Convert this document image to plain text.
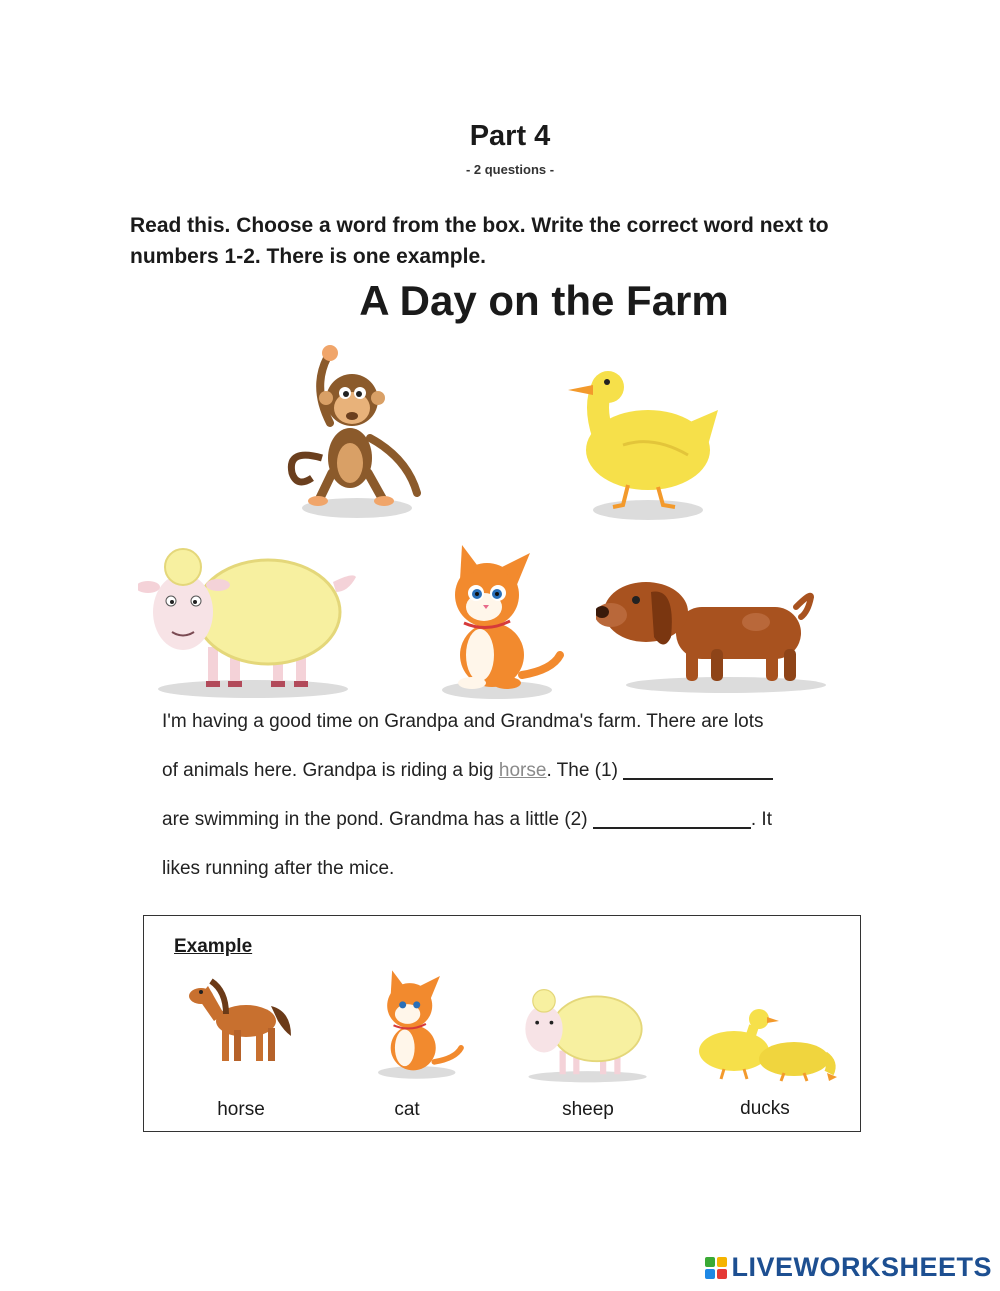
Part 4
- 2 questions -
Read this. Choose a word from the box. Write the correct word next to numbers 1-2. There is one example.
A Day on the Farm
I'm having a good time on Grandpa and Grandma's farm. There are lots
of animals here. Grandpa is riding a big horse. The (1)
are swimming in the pond. Grandma has a little (2)	. It
likes running after the mice.
Example
horse	cat	sheep	ducks
LIVEWORKSHEETS
